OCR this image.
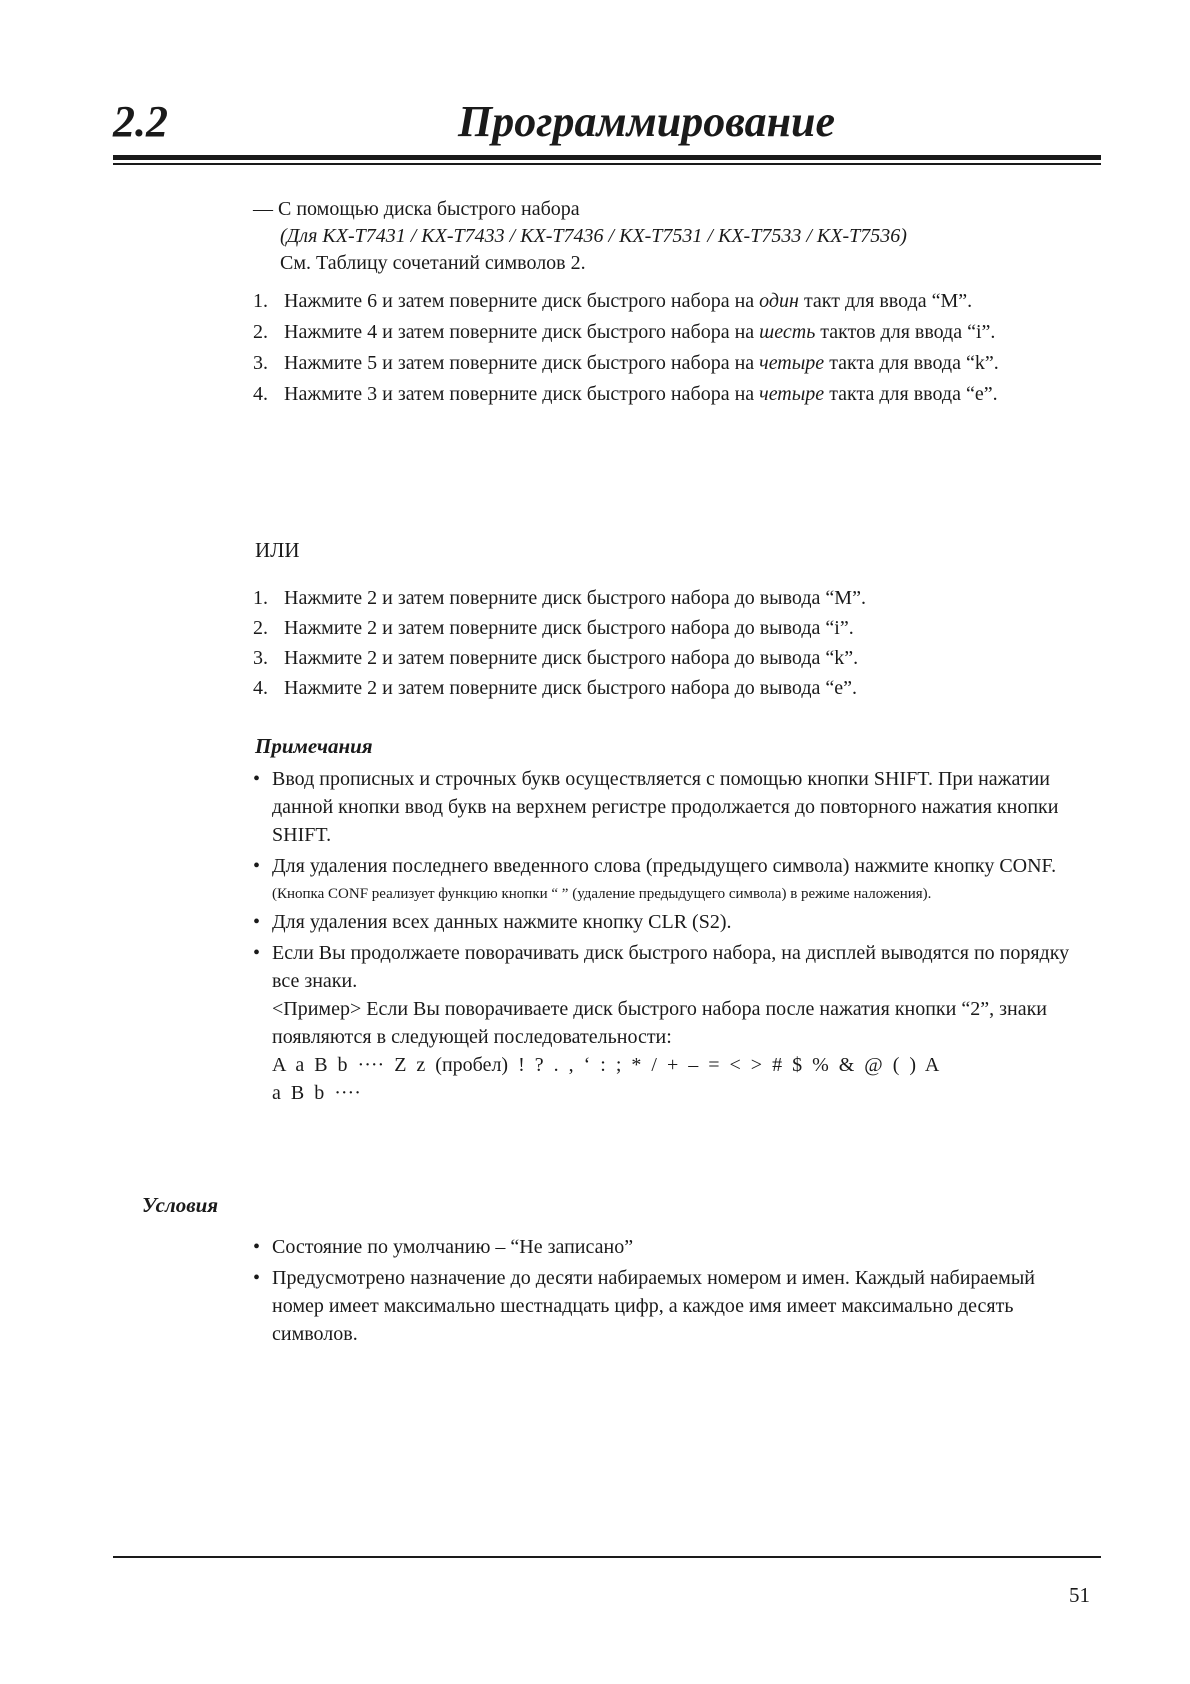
2.2	Программирование
— С помощью диска быстрого набора
(Для KX-T7431 / KX-T7433 / KX-T7436 / KX-T7531 / KX-T7533 / KX-T7536)
См. Таблицу сочетаний символов 2.
1. Нажмите 6 и затем поверните диск быстрого набора на один такт для ввода “M”.
2. Нажмите 4 и затем поверните диск быстрого набора на шесть тактов для ввода “i”.
3. Нажмите 5 и затем поверните диск быстрого набора на четыре такта для ввода “k”.
4. Нажмите 3 и затем поверните диск быстрого набора на четыре такта для ввода “e”.
ИЛИ
1. Нажмите 2 и затем поверните диск быстрого набора до вывода “M”.
2. Нажмите 2 и затем поверните диск быстрого набора до вывода “i”.
3. Нажмите 2 и затем поверните диск быстрого набора до вывода “k”.
4. Нажмите 2 и затем поверните диск быстрого набора до вывода “e”.
Примечания
• Ввод прописных и строчных букв осуществляется с помощью кнопки SHIFT. При нажатии данной кнопки ввод букв на верхнем регистре продолжается до повторного нажатия кнопки SHIFT.
• Для удаления последнего введенного слова (предыдущего символа) нажмите кнопку CONF.
(Кнопка CONF реализует функцию кнопки “ ” (удаление предыдущего символа) в режиме наложения).
• Для удаления всех данных нажмите кнопку CLR (S2).
• Если Вы продолжаете поворачивать диск быстрого набора, на дисплей выводятся по порядку все знаки.
<Пример> Если Вы поворачиваете диск быстрого набора после нажатия кнопки “2”, знаки появляются в следующей последовательности:
A  a  B  b  ····  Z  z  (пробел)  !  ?  .  ,  ‘  :  ;  *  /  +  –  =  <  >  #  $  %  &  @  (  )  A
a  B  b  ····
Условия
• Состояние по умолчанию – “Не записано”
• Предусмотрено назначение до десяти набираемых номером и имен. Каждый набираемый номер имеет максимально шестнадцать цифр, а каждое имя имеет максимально десять символов.
51
